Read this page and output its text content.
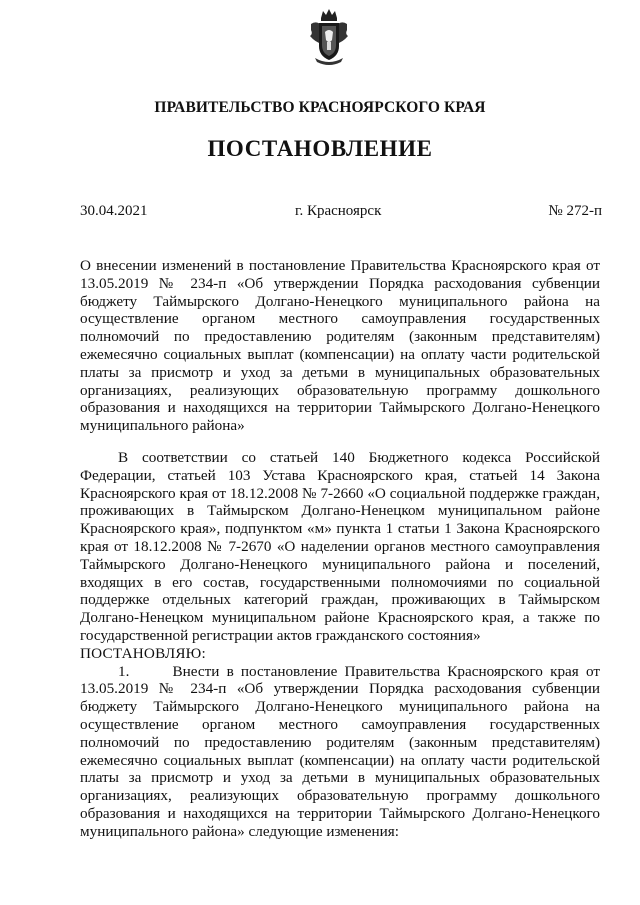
ПРАВИТЕЛЬСТВО КРАСНОЯРСКОГО КРАЯ
ПОСТАНОВЛЕНИЕ
30.04.2021	г. Красноярск	№ 272-п

О внесении изменений в постановление Правительства Красноярского края от 13.05.2019 № 234-п «Об утверждении Порядка расходования субвенции бюджету Таймырского Долгано-Ненецкого муниципального района на осуществление органом местного самоуправления государственных полномочий по предоставлению родителям (законным представителям) ежемесячно социальных выплат (компенсации) на оплату части родительской платы за присмотр и уход за детьми в муниципальных образовательных организациях, реализующих образовательную программу дошкольного образования и находящихся на территории Таймырского Долгано-Ненецкого муниципального района»

В соответствии со статьей 140 Бюджетного кодекса Российской Федерации, статьей 103 Устава Красноярского края, статьей 14 Закона Красноярского края от 18.12.2008 № 7-2660 «О социальной поддержке граждан, проживающих в Таймырском Долгано-Ненецком муниципальном районе Красноярского края», подпунктом «м» пункта 1 статьи 1 Закона Красноярского края от 18.12.2008 № 7-2670 «О наделении органов местного самоуправления Таймырского Долгано-Ненецкого муниципального района и поселений, входящих в его состав, государственными полномочиями по социальной поддержке отдельных категорий граждан, проживающих в Таймырском Долгано-Ненецком муниципальном районе Красноярского края, а также по государственной регистрации актов гражданского состояния»

ПОСТАНОВЛЯЮ:

1.      Внести в постановление Правительства Красноярского края от 13.05.2019 № 234-п «Об утверждении Порядка расходования субвенции бюджету Таймырского Долгано-Ненецкого муниципального района на осуществление органом местного самоуправления государственных полномочий по предоставлению родителям (законным представителям) ежемесячно социальных выплат (компенсации) на оплату части родительской платы за присмотр и уход за детьми в муниципальных образовательных организациях, реализующих образовательную программу дошкольного образования и находящихся на территории Таймырского Долгано-Ненецкого муниципального района» следующие изменения:
